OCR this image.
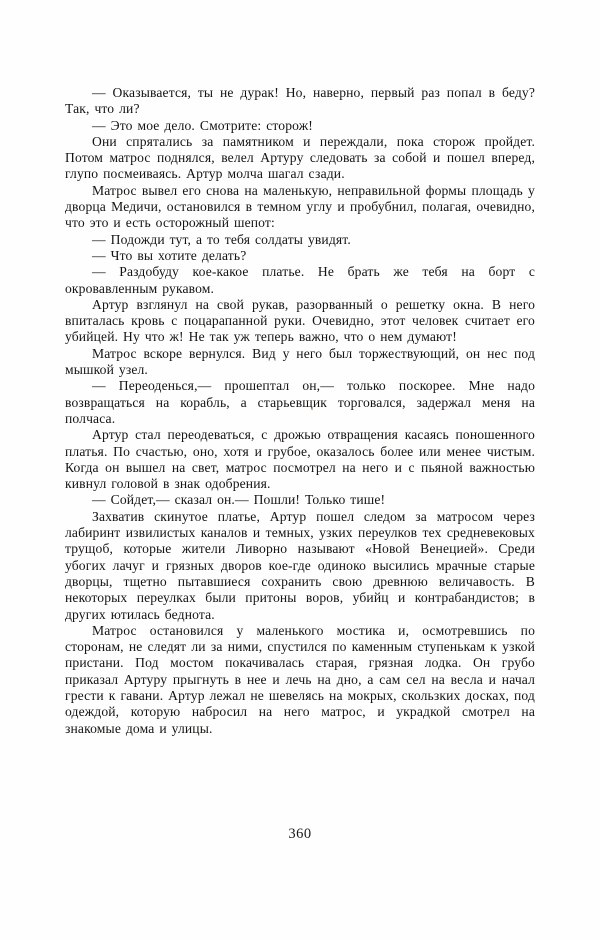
— Оказывается, ты не дурак! Но, наверно, первый раз попал в беду? Так, что ли?

— Это мое дело. Смотрите: сторож!

Они спрятались за памятником и переждали, пока сторож пройдет. Потом матрос поднялся, велел Артуру следовать за собой и пошел вперед, глупо посмеиваясь. Артур молча шагал сзади.

Матрос вывел его снова на маленькую, неправильной формы площадь у дворца Медичи, остановился в темном углу и пробубнил, полагая, очевидно, что это и есть осторожный шепот:

— Подожди тут, а то тебя солдаты увидят.

— Что вы хотите делать?

— Раздобуду кое-какое платье. Не брать же тебя на борт с окровавленным рукавом.

Артур взглянул на свой рукав, разорванный о решетку окна. В него впиталась кровь с поцарапанной руки. Очевидно, этот человек считает его убийцей. Ну что ж! Не так уж теперь важно, что о нем думают!

Матрос вскоре вернулся. Вид у него был торжествующий, он нес под мышкой узел.

— Переоденься,— прошептал он,— только поскорее. Мне надо возвращаться на корабль, а старьевщик торговался, задержал меня на полчаса.

Артур стал переодеваться, с дрожью отвращения касаясь поношенного платья. По счастью, оно, хотя и грубое, оказалось более или менее чистым. Когда он вышел на свет, матрос посмотрел на него и с пьяной важностью кивнул головой в знак одобрения.

— Сойдет,— сказал он.— Пошли! Только тише!

Захватив скинутое платье, Артур пошел следом за матросом через лабиринт извилистых каналов и темных, узких переулков тех средневековых трущоб, которые жители Ливорно называют «Новой Венецией». Среди убогих лачуг и грязных дворов кое-где одиноко высились мрачные старые дворцы, тщетно пытавшиеся сохранить свою древнюю величавость. В некоторых переулках были притоны воров, убийц и контрабандистов; в других ютилась беднота.

Матрос остановился у маленького мостика и, осмотревшись по сторонам, не следят ли за ними, спустился по каменным ступенькам к узкой пристани. Под мостом покачивалась старая, грязная лодка. Он грубо приказал Артуру прыгнуть в нее и лечь на дно, а сам сел на весла и начал грести к гавани. Артур лежал не шевелясь на мокрых, скользких досках, под одеждой, которую набросил на него матрос, и украдкой смотрел на знакомые дома и улицы.

360
